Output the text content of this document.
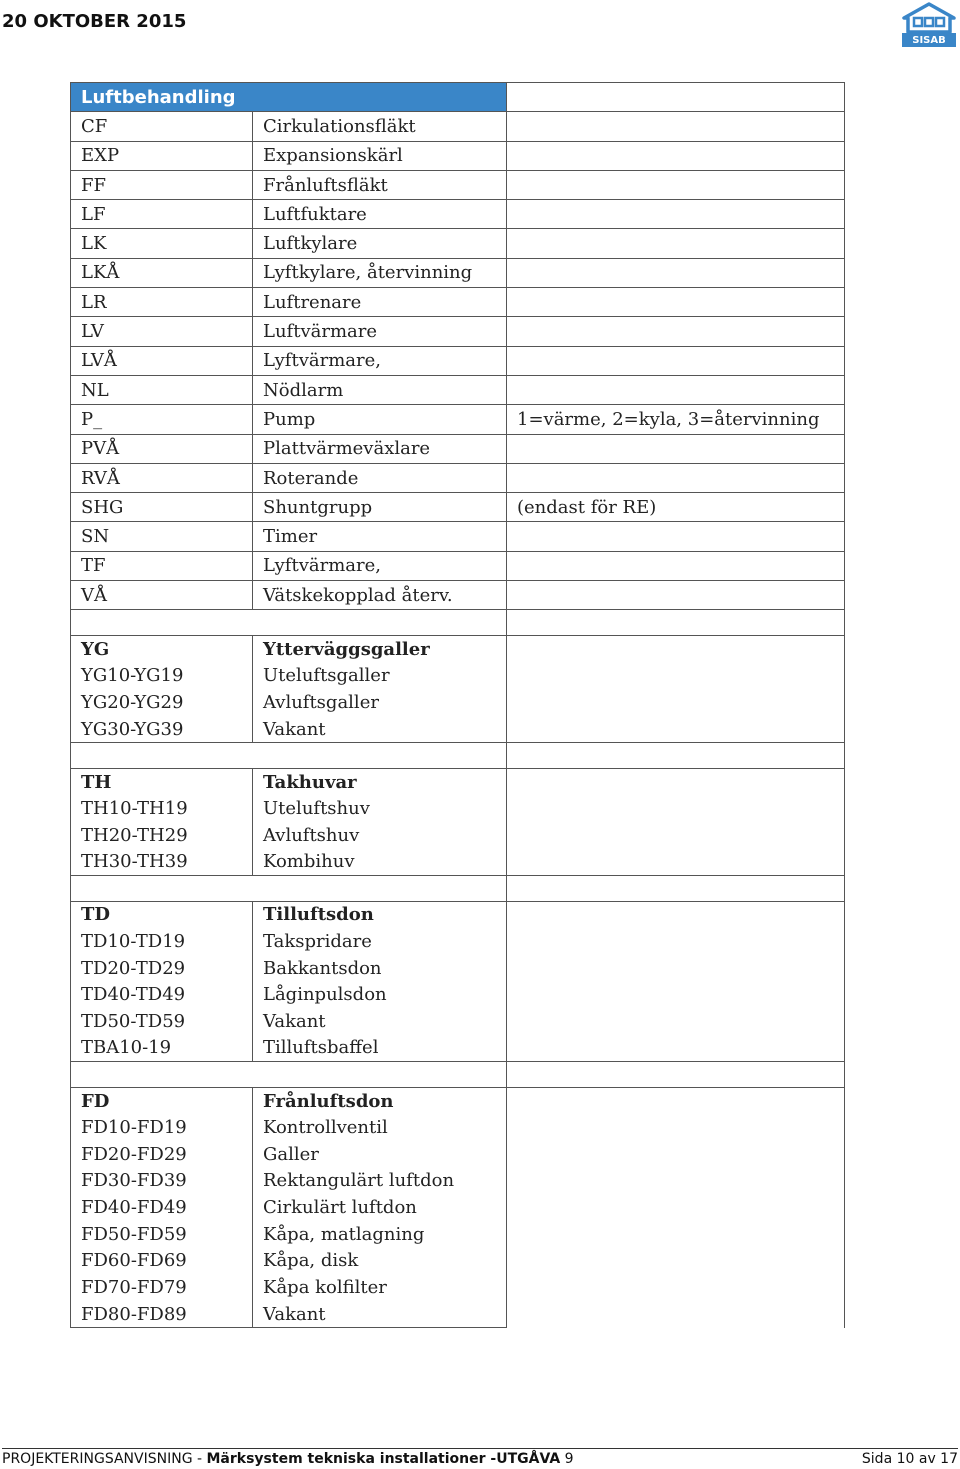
20 OKTOBER 2015
SISAB
Luftbehandling		
CF	Cirkulationsfläkt	
EXP	Expansionskärl	
FF	Frånluftsfläkt	
LF	Luftfuktare	
LK	Luftkylare	
LKÅ	Lyftkylare, återvinning	
LR	Luftrenare	
LV	Luftvärmare	
LVÅ	Lyftvärmare,	
NL	Nödlarm	
P_	Pump	1=värme, 2=kyla, 3=återvinning
PVÅ	Plattvärmeväxlare	
RVÅ	Roterande	
SHG	Shuntgrupp	(endast för RE)
SN	Timer	
TF	Lyftvärmare,	
VÅ	Vätskekopplad återv.	

YG	Ytterväggsgaller	
YG10-YG19	Uteluftsgaller	
YG20-YG29	Avluftsgaller	
YG30-YG39	Vakant	

TH	Takhuvar	
TH10-TH19	Uteluftshuv	
TH20-TH29	Avluftshuv	
TH30-TH39	Kombihuv	

TD	Tilluftsdon	
TD10-TD19	Takspridare	
TD20-TD29	Bakkantsdon	
TD40-TD49	Låginpulsdon	
TD50-TD59	Vakant	
TBA10-19	Tilluftsbaffel	

FD	Frånluftsdon	
FD10-FD19	Kontrollventil	
FD20-FD29	Galler	
FD30-FD39	Rektangulärt luftdon	
FD40-FD49	Cirkulärt luftdon	
FD50-FD59	Kåpa, matlagning	
FD60-FD69	Kåpa, disk	
FD70-FD79	Kåpa kolfilter	
FD80-FD89	Vakant	
PROJEKTERINGSANVISNING - Märksystem tekniska installationer -UTGÅVA 9	Sida 10 av 17
